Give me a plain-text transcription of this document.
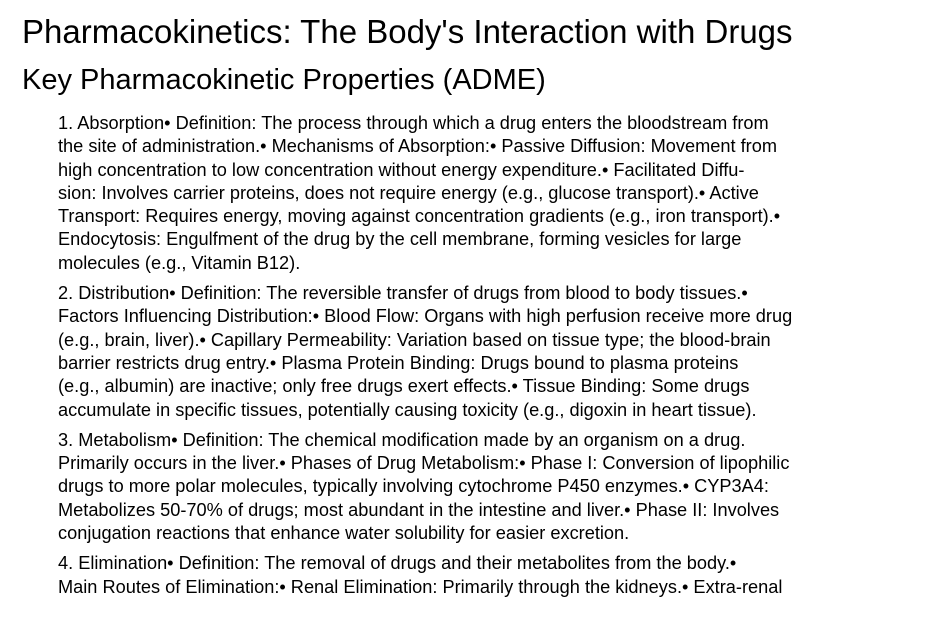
Pharmacokinetics: The Body's Interaction with Drugs
Key Pharmacokinetic Properties (ADME)
1. Absorption• Definition: The process through which a drug enters the bloodstream from
the site of administration.• Mechanisms of Absorption:• Passive Diffusion: Movement from
high concentration to low concentration without energy expenditure.• Facilitated Diffu-
sion: Involves carrier proteins, does not require energy (e.g., glucose transport).• Active
Transport: Requires energy, moving against concentration gradients (e.g., iron transport).•
Endocytosis: Engulfment of the drug by the cell membrane, forming vesicles for large
molecules (e.g., Vitamin B12).
2. Distribution• Definition: The reversible transfer of drugs from blood to body tissues.•
Factors Influencing Distribution:• Blood Flow: Organs with high perfusion receive more drug
(e.g., brain, liver).• Capillary Permeability: Variation based on tissue type; the blood-brain
barrier restricts drug entry.• Plasma Protein Binding: Drugs bound to plasma proteins
(e.g., albumin) are inactive; only free drugs exert effects.• Tissue Binding: Some drugs
accumulate in specific tissues, potentially causing toxicity (e.g., digoxin in heart tissue).
3. Metabolism• Definition: The chemical modification made by an organism on a drug.
Primarily occurs in the liver.• Phases of Drug Metabolism:• Phase I: Conversion of lipophilic
drugs to more polar molecules, typically involving cytochrome P450 enzymes.• CYP3A4:
Metabolizes 50-70% of drugs; most abundant in the intestine and liver.• Phase II: Involves
conjugation reactions that enhance water solubility for easier excretion.
4. Elimination• Definition: The removal of drugs and their metabolites from the body.•
Main Routes of Elimination:• Renal Elimination: Primarily through the kidneys.• Extra-renal
